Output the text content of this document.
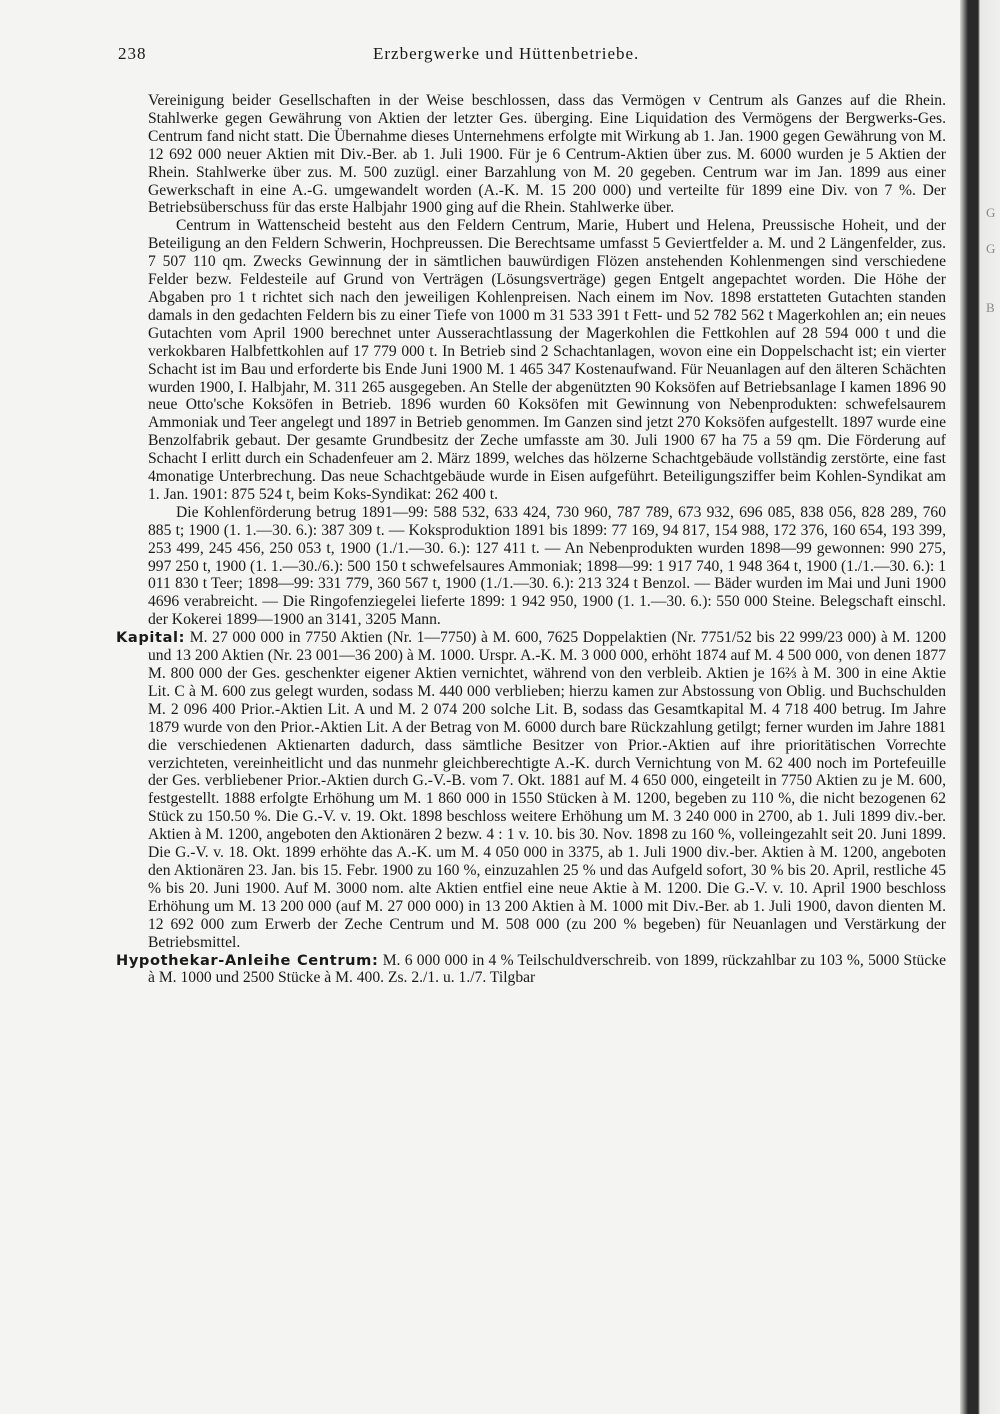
238	Erzbergwerke und Hüttenbetriebe.

Vereinigung beider Gesellschaften in der Weise beschlossen, dass das Vermögen v Centrum als Ganzes auf die Rhein. Stahlwerke gegen Gewährung von Aktien der letzter Ges. überging. Eine Liquidation des Vermögens der Bergwerks-Ges. Centrum fand nicht statt. Die Übernahme dieses Unternehmens erfolgte mit Wirkung ab 1. Jan. 1900 gegen Gewährung von M. 12 692 000 neuer Aktien mit Div.-Ber. ab 1. Juli 1900. Für je 6 Centrum-Aktien über zus. M. 6000 wurden je 5 Aktien der Rhein. Stahlwerke über zus. M. 500 zuzügl. einer Barzahlung von M. 20 gegeben. Centrum war im Jan. 1899 aus einer Gewerkschaft in eine A.-G. umgewandelt worden (A.-K. M. 15 200 000) und verteilte für 1899 eine Div. von 7 %. Der Betriebsüberschuss für das erste Halbjahr 1900 ging auf die Rhein. Stahlwerke über.

Centrum in Wattenscheid besteht aus den Feldern Centrum, Marie, Hubert und Helena, Preussische Hoheit, und der Beteiligung an den Feldern Schwerin, Hochpreussen. Die Berechtsame umfasst 5 Geviertfelder a. M. und 2 Längenfelder, zus. 7 507 110 qm. Zwecks Gewinnung der in sämtlichen bauwürdigen Flözen anstehenden Kohlenmengen sind verschiedene Felder bezw. Feldesteile auf Grund von Verträgen (Lösungsverträge) gegen Entgelt angepachtet worden. Die Höhe der Abgaben pro 1 t richtet sich nach den jeweiligen Kohlenpreisen. Nach einem im Nov. 1898 erstatteten Gutachten standen damals in den gedachten Feldern bis zu einer Tiefe von 1000 m 31 533 391 t Fett- und 52 782 562 t Magerkohlen an; ein neues Gutachten vom April 1900 berechnet unter Ausserachtlassung der Magerkohlen die Fettkohlen auf 28 594 000 t und die verkokbaren Halbfettkohlen auf 17 779 000 t. In Betrieb sind 2 Schachtanlagen, wovon eine ein Doppelschacht ist; ein vierter Schacht ist im Bau und erforderte bis Ende Juni 1900 M. 1 465 347 Kostenaufwand. Für Neuanlagen auf den älteren Schächten wurden 1900, I. Halbjahr, M. 311 265 ausgegeben. An Stelle der abgenützten 90 Koksöfen auf Betriebsanlage I kamen 1896 90 neue Otto'sche Koksöfen in Betrieb. 1896 wurden 60 Koksöfen mit Gewinnung von Nebenprodukten: schwefelsaurem Ammoniak und Teer angelegt und 1897 in Betrieb genommen. Im Ganzen sind jetzt 270 Koksöfen aufgestellt. 1897 wurde eine Benzolfabrik gebaut. Der gesamte Grundbesitz der Zeche umfasste am 30. Juli 1900 67 ha 75 a 59 qm. Die Förderung auf Schacht I erlitt durch ein Schadenfeuer am 2. März 1899, welches das hölzerne Schachtgebäude vollständig zerstörte, eine fast 4monatige Unterbrechung. Das neue Schachtgebäude wurde in Eisen aufgeführt. Beteiligungsziffer beim Kohlen-Syndikat am 1. Jan. 1901: 875 524 t, beim Koks-Syndikat: 262 400 t.

Die Kohlenförderung betrug 1891—99: 588 532, 633 424, 730 960, 787 789, 673 932, 696 085, 838 056, 828 289, 760 885 t; 1900 (1. 1.—30. 6.): 387 309 t. — Koksproduktion 1891 bis 1899: 77 169, 94 817, 154 988, 172 376, 160 654, 193 399, 253 499, 245 456, 250 053 t, 1900 (1./1.—30. 6.): 127 411 t. — An Nebenprodukten wurden 1898—99 gewonnen: 990 275, 997 250 t, 1900 (1. 1.—30./6.): 500 150 t schwefelsaures Ammoniak; 1898—99: 1 917 740, 1 948 364 t, 1900 (1./1.—30. 6.): 1 011 830 t Teer; 1898—99: 331 779, 360 567 t, 1900 (1./1.—30. 6.): 213 324 t Benzol. — Bäder wurden im Mai und Juni 1900 4696 verabreicht. — Die Ringofenziegelei lieferte 1899: 1 942 950, 1900 (1. 1.—30. 6.): 550 000 Steine. Belegschaft einschl. der Kokerei 1899—1900 an 3141, 3205 Mann.

Kapital: M. 27 000 000 in 7750 Aktien (Nr. 1—7750) à M. 600, 7625 Doppelaktien (Nr. 7751/52 bis 22 999/23 000) à M. 1200 und 13 200 Aktien (Nr. 23 001—36 200) à M. 1000. Urspr. A.-K. M. 3 000 000, erhöht 1874 auf M. 4 500 000, von denen 1877 M. 800 000 der Ges. geschenkter eigener Aktien vernichtet, während von den verbleib. Aktien je 16⅔ à M. 300 in eine Aktie Lit. C à M. 600 zus gelegt wurden, sodass M. 440 000 verblieben; hierzu kamen zur Abstossung von Oblig. und Buchschulden M. 2 096 400 Prior.-Aktien Lit. A und M. 2 074 200 solche Lit. B, sodass das Gesamtkapital M. 4 718 400 betrug. Im Jahre 1879 wurde von den Prior.-Aktien Lit. A der Betrag von M. 6000 durch bare Rückzahlung getilgt; ferner wurden im Jahre 1881 die verschiedenen Aktienarten dadurch, dass sämtliche Besitzer von Prior.-Aktien auf ihre prioritätischen Vorrechte verzichteten, vereinheitlicht und das nunmehr gleichberechtigte A.-K. durch Vernichtung von M. 62 400 noch im Portefeuille der Ges. verbliebener Prior.-Aktien durch G.-V.-B. vom 7. Okt. 1881 auf M. 4 650 000, eingeteilt in 7750 Aktien zu je M. 600, festgestellt. 1888 erfolgte Erhöhung um M. 1 860 000 in 1550 Stücken à M. 1200, begeben zu 110 %, die nicht bezogenen 62 Stück zu 150.50 %. Die G.-V. v. 19. Okt. 1898 beschloss weitere Erhöhung um M. 3 240 000 in 2700, ab 1. Juli 1899 div.-ber. Aktien à M. 1200, angeboten den Aktionären 2 bezw. 4 : 1 v. 10. bis 30. Nov. 1898 zu 160 %, volleingezahlt seit 20. Juni 1899. Die G.-V. v. 18. Okt. 1899 erhöhte das A.-K. um M. 4 050 000 in 3375, ab 1. Juli 1900 div.-ber. Aktien à M. 1200, angeboten den Aktionären 23. Jan. bis 15. Febr. 1900 zu 160 %, einzuzahlen 25 % und das Aufgeld sofort, 30 % bis 20. April, restliche 45 % bis 20. Juni 1900. Auf M. 3000 nom. alte Aktien entfiel eine neue Aktie à M. 1200. Die G.-V. v. 10. April 1900 beschloss Erhöhung um M. 13 200 000 (auf M. 27 000 000) in 13 200 Aktien à M. 1000 mit Div.-Ber. ab 1. Juli 1900, davon dienten M. 12 692 000 zum Erwerb der Zeche Centrum und M. 508 000 (zu 200 % begeben) für Neuanlagen und Verstärkung der Betriebsmittel.

Hypothekar-Anleihe Centrum: M. 6 000 000 in 4 % Teilschuldverschreib. von 1899, rückzahlbar zu 103 %, 5000 Stücke à M. 1000 und 2500 Stücke à M. 400. Zs. 2./1. u. 1./7. Tilgbar

G
G
B
